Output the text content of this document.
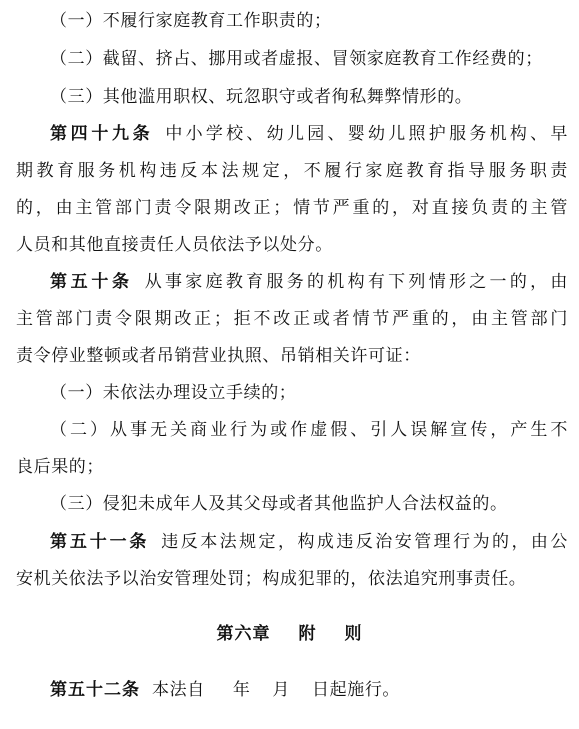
（一）不履行家庭教育工作职责的；
（二）截留、挤占、挪用或者虚报、冒领家庭教育工作经费的；
（三）其他滥用职权、玩忽职守或者徇私舞弊情形的。
第四十九条 中小学校、幼儿园、婴幼儿照护服务机构、早
期教育服务机构违反本法规定，不履行家庭教育指导服务职责
的，由主管部门责令限期改正；情节严重的，对直接负责的主管
人员和其他直接责任人员依法予以处分。
第五十条 从事家庭教育服务的机构有下列情形之一的，由
主管部门责令限期改正；拒不改正或者情节严重的，由主管部门
责令停业整顿或者吊销营业执照、吊销相关许可证：
（一）未依法办理设立手续的；
（二）从事无关商业行为或作虚假、引人误解宣传，产生不
良后果的；
（三）侵犯未成年人及其父母或者其他监护人合法权益的。
第五十一条 违反本法规定，构成违反治安管理行为的，由公
安机关依法予以治安管理处罚；构成犯罪的，依法追究刑事责任。
第六章 附 则
第五十二条 本法自 年 月 日起施行。
